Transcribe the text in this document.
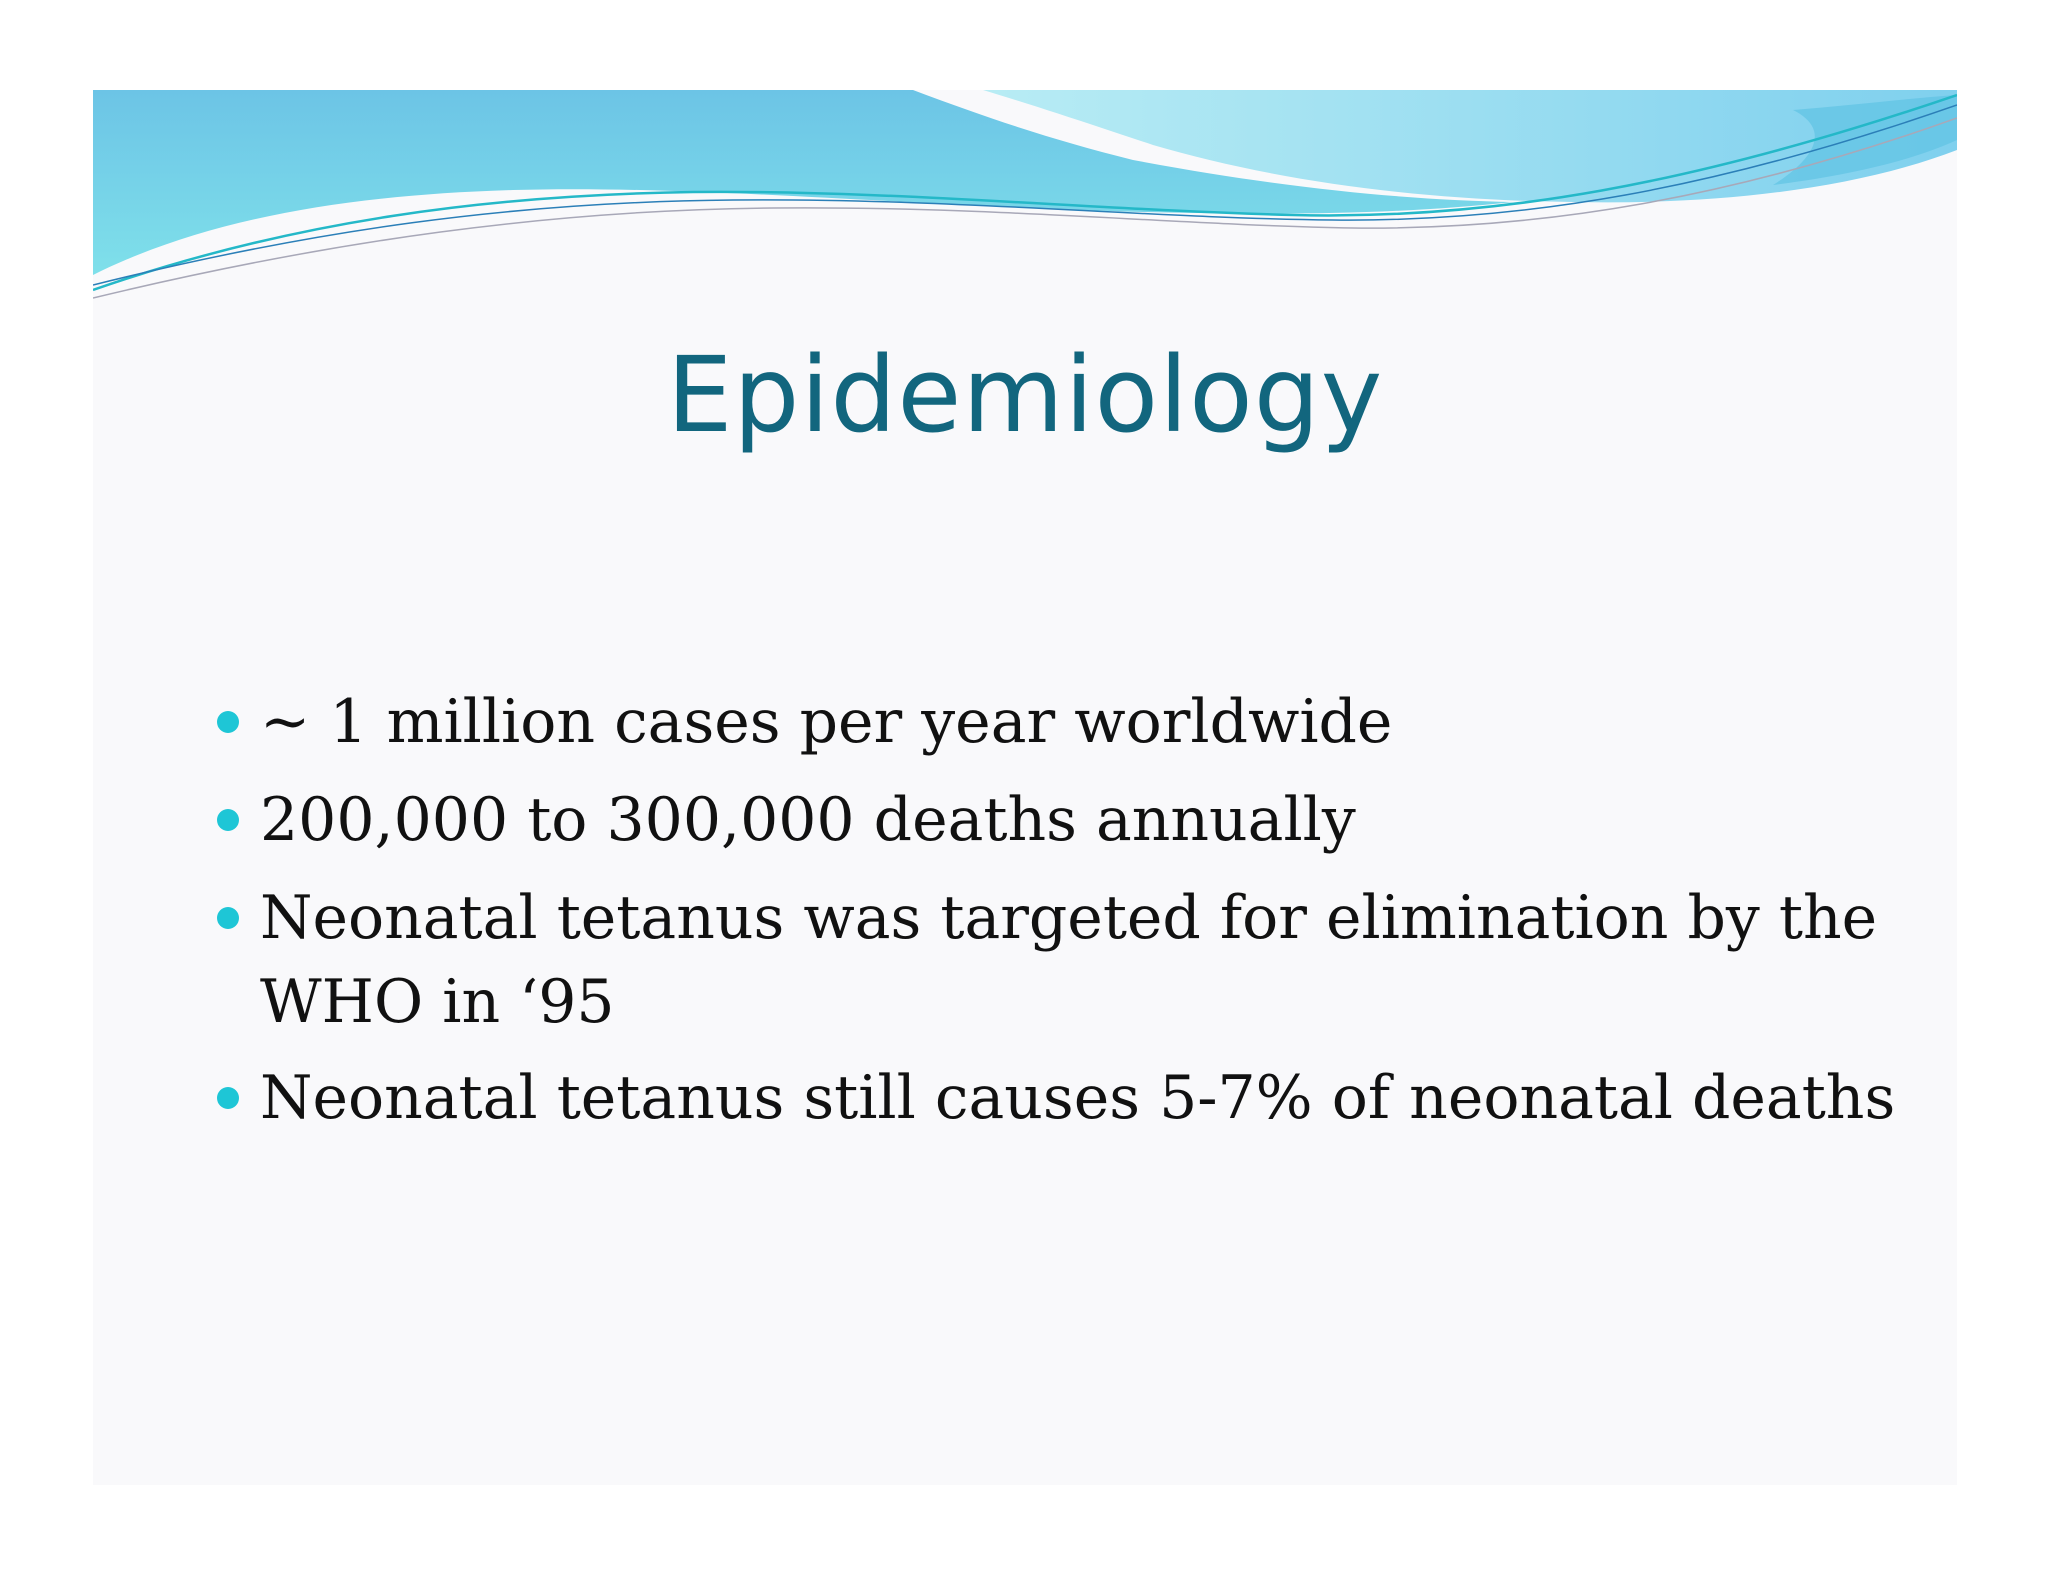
Epidemiology
~ 1 million cases per year worldwide
200,000 to 300,000 deaths annually
Neonatal tetanus was targeted for elimination by the
WHO in ‘95
Neonatal tetanus still causes 5-7% of neonatal deaths
